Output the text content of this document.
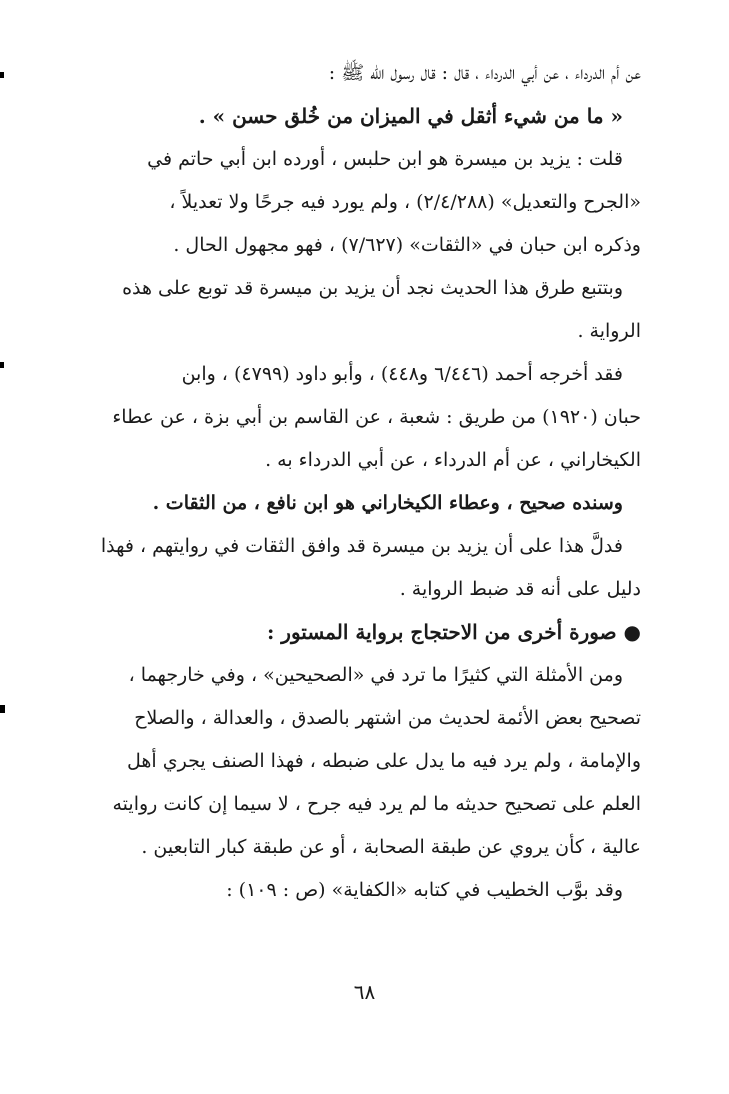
عن أم الدرداء ، عن أبي الدرداء ، قال : قال رسول الله ﷺ :
« ما من شيء أثقل في الميزان من خُلق حسن » .
قلت : يزيد بن ميسرة هو ابن حلبس ، أورده ابن أبي حاتم في
«الجرح والتعديل» (٢/٤/٢٨٨) ، ولم يورد فيه جرحًا ولا تعديلاً ،
وذكره ابن حبان في «الثقات» (٧/٦٢٧) ، فهو مجهول الحال .
وبتتبع طرق هذا الحديث نجد أن يزيد بن ميسرة قد توبع على هذه
الرواية .
فقد أخرجه أحمد (٦/٤٤٦ و٤٤٨) ، وأبو داود (٤٧٩٩) ، وابن
حبان (١٩٢٠) من طريق : شعبة ، عن القاسم بن أبي بزة ، عن عطاء
الكيخاراني ، عن أم الدرداء ، عن أبي الدرداء به .
وسنده صحيح ، وعطاء الكيخاراني هو ابن نافع ، من الثقات .
فدلَّ هذا على أن يزيد بن ميسرة قد وافق الثقات في روايتهم ، فهذا
دليل على أنه قد ضبط الرواية .
● صورة أخرى من الاحتجاج برواية المستور :
ومن الأمثلة التي كثيرًا ما ترد في «الصحيحين» ، وفي خارجهما ،
تصحيح بعض الأئمة لحديث من اشتهر بالصدق ، والعدالة ، والصلاح
والإمامة ، ولم يرد فيه ما يدل على ضبطه ، فهذا الصنف يجري أهل
العلم على تصحيح حديثه ما لم يرد فيه جرح ، لا سيما إن كانت روايته
عالية ، كأن يروي عن طبقة الصحابة ، أو عن طبقة كبار التابعين .
وقد بوَّب الخطيب في كتابه «الكفاية» (ص : ١٠٩) :
٦٨
